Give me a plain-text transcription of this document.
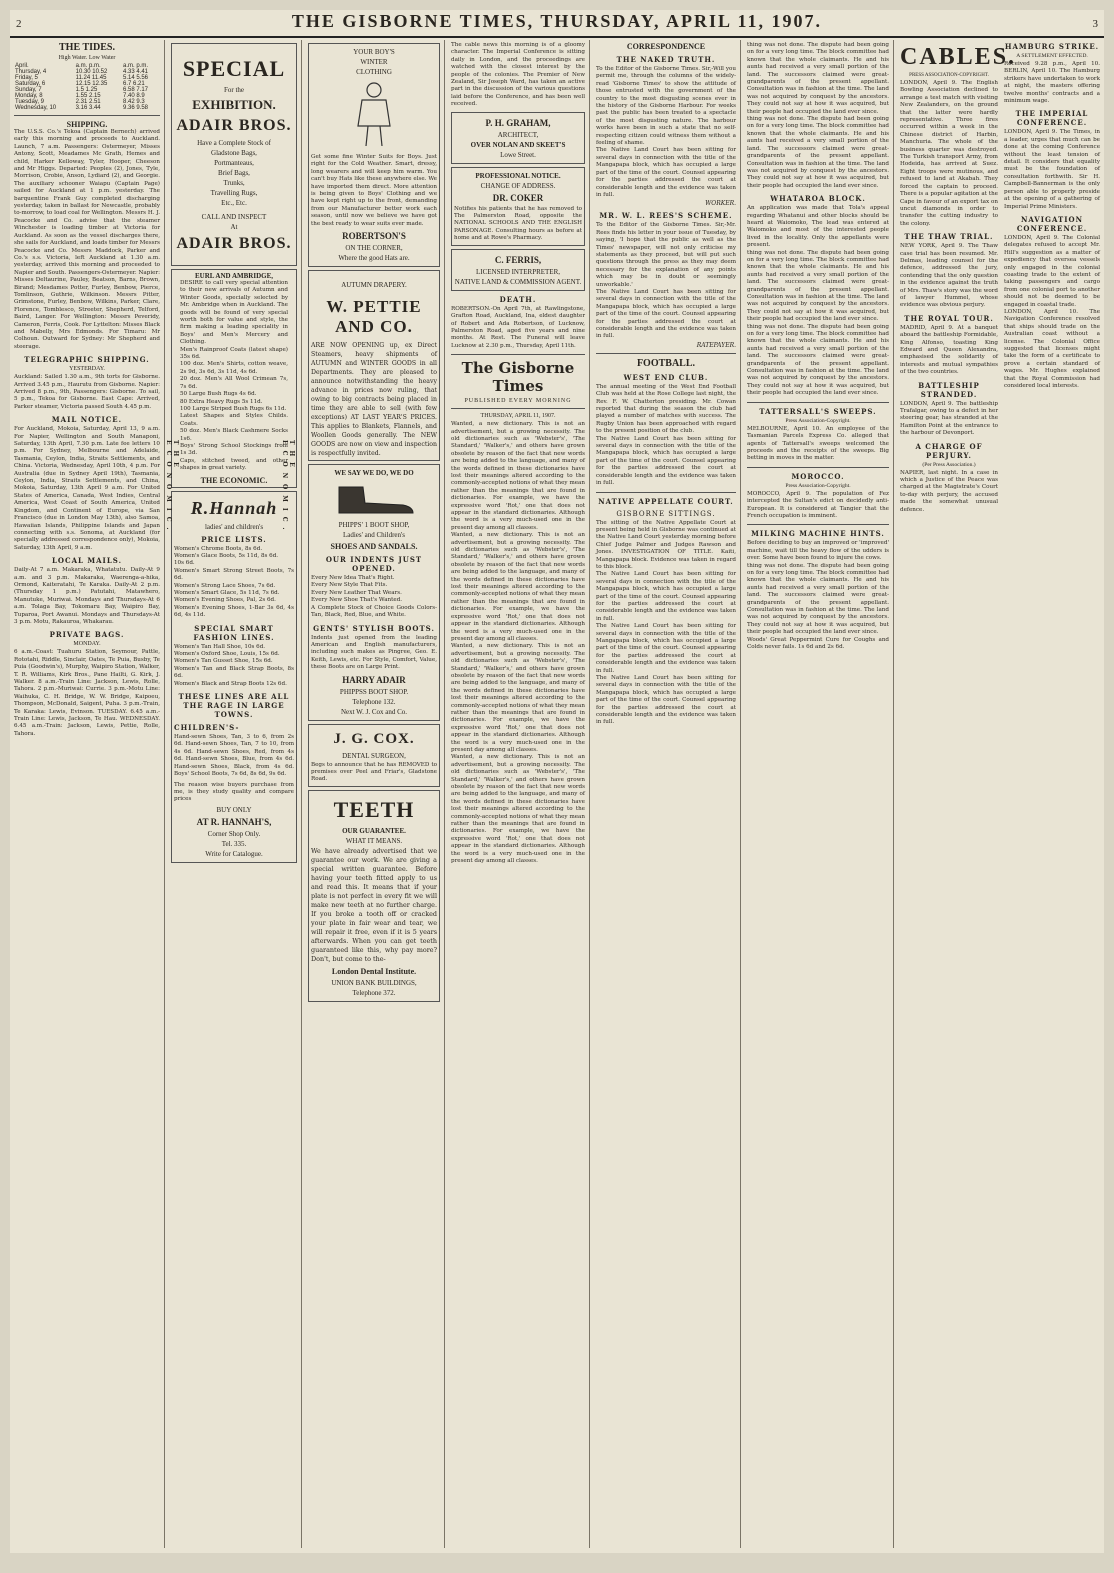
2	THE GISBORNE TIMES, THURSDAY, APRIL 11, 1907.	3
THE TIDES.
High Water. Low Water
April.	a.m. p.m.	a.m. p.m.
Thursday, 4	10.30 10.52	4.33 4.41
Friday, 5	11.24 11.45	5.14 5.56
Saturday, 6	12.15 12.35	6.7 6.21
Sunday, 7	1.5 1.25	6.58 7.17
Monday, 8	1.55 2.15	7.40 8.9
Tuesday, 9	2.31 2.51	8.42 9.3
Wednesday, 10	3.16 3.44	9.36 9.58
SHIPPING.
The U.S.S. Co.'s Tekoa (Captain Bernech) arrived early this morning and proceeds to Auckland. Launch, 7 a.m. Passengers: Ostermeyer, Misses Antony, Scott, Meadames Mc Grath, Hemes and child, Harker Kelloway, Tyler, Hooper, Cheeson and Mr Higgs. Departed: Peoples (2), Jones, Tyle, Morrison, Crobie, Anson, Lydiard (2), and Georgie. The auxiliary schooner Waiapu (Captain Page) sailed for Auckland at 1 p.m. yesterday. The barquentine Frank Guy completed discharging yesterday, taken in ballast for Newcastle, probably to-morrow, to load coal for Wellington. Messrs H. J. Peacocke and Co. advise that the steamer Winchester is loading timber at Victoria for Auckland. As soon as the vessel discharges there, she sails for Auckland, and loads timber for Messrs Peacocke and Co. Messrs Maddock, Parker and Co.'s s.s. Victoria, left Auckland at 1.30 a.m. yesterday, arrived this morning and proceeded to Napier and South. Passengers-Ostermeyer. Napier: Misses Deltaurine, Pauley, Beatson, Barns, Brown, Birand; Mesdames Potter, Furley, Benbow, Pierce, Tomlinson, Guthrie, Wilkinson. Messrs Pitter, Grimstone, Furley, Benbow, Wilkins, Parker, Clare, Florence, Tomblesco, Streeter, Shepherd, Telford, Baird, Langer. For Wellington: Messrs Peveridy, Cameron, Ferris, Cook. For Lyttelton: Misses Black and Mabelly, Mrs Edmonds. For Timaru: Mr Colhoun. Outward for Sydney: Mr Shepherd and steerage.
TELEGRAPHIC SHIPPING.
YESTERDAY.
Auckland: Sailed 1.30 a.m., 9th torts for Gisborne. Arrived 3.45 p.m., Haurutu from Gisborne. Napier: Arrived 8 p.m., 9th, Passengers: Gisborne. To sail, 5 p.m., Tekoa for Gisborne. East Cape: Arrived, Parker steamer, Victoria passed South 4.45 p.m.
MAIL NOTICE.
For Auckland, Mokoia, Saturday, April 13, 9 a.m. For Napier, Wellington and South Manaponi, Saturday, 13th April, 7.30 p.m. Late fee letters 10 p.m. For Sydney, Melbourne and Adelaide, Tasmania, Ceylon, India, Straits Settlements, and China. Victoria, Wednesday, April 10th, 4 p.m. For Australia (due in Sydney April 19th), Tasmania, Ceylon, India, Straits Settlements, and China, Mokoia, Saturday, 13th April 9 a.m. For United States of America, Canada, West Indies, Central America, West Coast of South America, United Kingdom, and Continent of Europe, via San Francisco (due in London May 13th), also Samoa, Hawaiian Islands, Philippine Islands and Japan connecting with s.s. Sonoma, at Auckland (for specially addressed correspondence only), Mokoia, Saturday, 13th April, 9 a.m.
LOCAL MAILS.
Daily-At 7 a.m. Makaraka, Whatatutu. Daily-At 9 a.m. and 3 p.m. Makaraka, Waerenga-a-hika, Ormond, Kaiteratahi, Te Karaka. Daily-At 2 p.m. (Thursday 1 p.m.) Patutahi, Matawhero, Manutuke, Muriwai. Mondays and Thursdays-At 6 a.m. Tolaga Bay, Tokomaru Bay, Waipiro Bay, Tuparoa, Port Awanui. Mondays and Thursdays-At 3 p.m. Motu, Rakauroa, Whakarau.
PRIVATE BAGS.
MONDAY.
6 a.m.-Coast: Tuahuru Station, Seymour, Pattle, Rototahi, Riddle, Sinclair, Oates, Te Puia, Busby, Te Puia (Goodwin's), Murphy, Waipiro Station, Walker, T. R. Williams, Kirk Bros., Pane Hailti, G. Kirk, J. Walker. 8 a.m.-Train Line: Jackson, Lewis, Rolle, Tahora. 2 p.m.-Muriwai: Currie. 3 p.m.-Motu Line: Waihuka, C. H. Bridge, W. W. Bridge, Kaipoeu, Thompson, McDonald, Saigent, Puha. 3 p.m.-Train, Te Karaka: Lewis, Evinson. TUESDAY. 6.45 a.m.-Train Line: Lewis, Jackson, Te Hau. WEDNESDAY. 6.45 a.m.-Train: Jackson, Lewis, Pettie, Rolle, Tahora.
SPECIAL
For the
EXHIBITION.
ADAIR BROS.
Have a Complete Stock of
Gladstone Bags,
Portmanteaus,
Brief Bags,
Trunks,
Travelling Rugs,
Etc., Etc.
CALL AND INSPECT
At
ADAIR BROS.
THE ECONOMIC.	THE ECONOMIC.
EURL AND AMBRIDGE,
DESIRE to call very special attention to their new arrivals of Autumn and Winter Goods, specially selected by Mr. Ambridge when in Auckland. The goods will be found of very special worth both for value and style, the firm making a leading speciality in Boys' and Men's Mercery and Clothing.
Men's Rainproof Coats (latest shape) 35s 6d.
100 doz. Men's Shirts, cotton weave, 2s 9d, 3s 6d, 3s 11d, 4s 6d.
20 doz. Men's All Wool Crimean 7s, 7s 6d.
50 Large Bush Rugs 4s 6d.
80 Extra Heavy Rugs 5s 11d.
100 Large Striped Bush Rugs 6s 11d.
Latest Shapes and Styles Childs. Coats.
50 doz. Men's Black Cashmere Socks 1s6.
Boys' Strong School Stockings from 1s 3d.
Caps, stitched tweed, and other shapes in great variety.
THE ECONOMIC.
R.Hannah
ladies' and children's
PRICE LISTS.
Women's Chrome Boots, 8s 6d.
Women's Glace Boots, 5s 11d, 8s 6d.
10s 6d.
Women's Smart Strong Street Boots, 7s 6d.
Women's Strong Lace Shoes, 7s 6d.
Women's Smart Glace, 5s 11d, 7s 6d.
Women's Evening Shoes, Pal, 2s 6d.
Women's Evening Shoes, 1-Bar 3s 6d, 4s 6d, 4s 11d.
SPECIAL SMART FASHION LINES.
Women's Tan Hall Shoe, 10s 6d.
Women's Oxford Shoe, Louis, 15s 6d.
Women's Tan Gusset Shoe, 15s 6d.
Women's Tan and Black Strap Boots, 8s 6d.
Women's Black and Strap Boots 12s 6d.
THESE LINES ARE ALL THE RAGE IN LARGE TOWNS.
CHILDREN'S-
Hand-sewn Shoes, Tan, 3 to 6, from 2s 6d. Hand-sewn Shoes, Tan, 7 to 10, from 4s 6d. Hand-sewn Shoes, Red, from 4s 6d. Hand-sewn Shoes, Blue, from 4s 6d. Hand-sewn Shoes, Black, from 4s 6d. Boys' School Boots, 7s 6d, 8s 6d, 9s 6d.
The reason wise buyers purchase from me, is they study quality and compare prices
BUY ONLY
AT R. HANNAH'S,
Corner Shop Only.
Tel. 335.
Write for Catalogue.
YOUR BOY'S
WINTER
CLOTHING
Get some fine Winter Suits for Boys. Just right for the Cold Weather. Smart, dressy, long wearers and will keep him warm. You can't buy Hats like these anywhere else. We have imported them direct. More attention is being given to Boys' Clothing and we have kept right up to the front, demanding from our Manufacturer better work each season, until now we believe we have got the best ready to wear suits ever made.
ROBERTSON'S
ON THE CORNER,
Where the good Hats are.
AUTUMN DRAPERY.
W. PETTIE AND CO.
ARE NOW OPENING up, ex Direct Steamers, heavy shipments of AUTUMN and WINTER GOODS in all Departments. They are pleased to announce notwithstanding the heavy advance in prices now ruling, that owing to big contracts being placed in time they are able to sell (with few exceptions) AT LAST YEAR'S PRICES. This applies to Blankets, Flannels, and Woollen Goods generally. The NEW GOODS are now on view and inspection is respectfully invited.
WE SAY WE DO, WE DO
PHIPPS' 1 BOOT SHOP,
Ladies' and Children's
SHOES AND SANDALS.
OUR INDENTS JUST OPENED.
Every New Idea That's Right.
Every New Style That Fits.
Every New Leather That Wears.
Every New Shoe That's Wanted.
A Complete Stock of Choice Goods Colors-Tan, Black, Red, Blue, and White.
GENTS' STYLISH BOOTS.
Indents just opened from the leading American and English manufacturers, including such makes as Pingree, Geo. E. Keith, Lewis, etc. For Style, Comfort, Value, these Boots are on Large Print.
HARRY ADAIR
PHIPPSS BOOT SHOP.
Telephone 132.
Next W. J. Cox and Co.
J. G. COX.
DENTAL SURGEON,
Begs to announce that he has REMOVED to premises over Peel and Friar's, Gladstone Road.
TEETH
OUR GUARANTEE.
WHAT IT MEANS.
We have already advertised that we guarantee our work. We are giving a special written guarantee. Before having your teeth fitted apply to us and read this. It means that if your plate is not perfect in every fit we will make new teeth at no further charge. If you broke a tooth off or cracked your plate in fair wear and tear, we will repair it free, even if it is 5 years afterwards. When you can get teeth guaranteed like this, why pay more? Don't, but come to the-
London Dental Institute.
UNION BANK BUILDINGS,
Telephone 372.
The cable news this morning is of a gloomy character. The Imperial Conference is sitting daily in London, and the proceedings are watched with the closest interest by the people of the colonies. The Premier of New Zealand, Sir Joseph Ward, has taken an active part in the discussion of the various questions laid before the Conference, and has been well received.
P. H. GRAHAM,
ARCHITECT,
OVER NOLAN AND SKEET'S
Lowe Street.
PROFESSIONAL NOTICE.
CHANGE OF ADDRESS.
DR. COKER
Notifies his patients that he has removed to The Palmerston Road, opposite the NATIONAL SCHOOLS AND THE ENGLISH PARSONAGE. Consulting hours as before at home and at Rowe's Pharmacy.
C. FERRIS,
LICENSED INTERPRETER,
NATIVE LAND & COMMISSION AGENT.
DEATH.
ROBERTSON.-On April 7th, at Rawlingstone, Grafton Road, Auckland, Ina, eldest daughter of Robert and Ada Robertson, of Lucknow, Palmerston Road, aged five years and nine months. At Rest. The Funeral will leave Lucknow at 2.30 p.m., Thursday, April 11th.
The Gisborne Times
PUBLISHED EVERY MORNING
THURSDAY, APRIL 11, 1907.
Wanted, a new dictionary. This is not an advertisement, but a growing necessity. The old dictionaries such as 'Webster's', 'The Standard,' 'Walker's,' and others have grown obsolete by reason of the fact that new words are being added to the language, and many of the words defined in these dictionaries have lost their meanings altered according to the commonly-accepted notions of what they mean rather than the meanings that are found in dictionaries. For example, we have the expressive word 'Rot,' one that does not appear in the standard dictionaries. Although the word is a very much-used one in the present day among all classes.
Wanted, a new dictionary. This is not an advertisement, but a growing necessity. The old dictionaries such as 'Webster's', 'The Standard,' 'Walker's,' and others have grown obsolete by reason of the fact that new words are being added to the language, and many of the words defined in these dictionaries have lost their meanings altered according to the commonly-accepted notions of what they mean rather than the meanings that are found in dictionaries. For example, we have the expressive word 'Rot,' one that does not appear in the standard dictionaries. Although the word is a very much-used one in the present day among all classes.
Wanted, a new dictionary. This is not an advertisement, but a growing necessity. The old dictionaries such as 'Webster's', 'The Standard,' 'Walker's,' and others have grown obsolete by reason of the fact that new words are being added to the language, and many of the words defined in these dictionaries have lost their meanings altered according to the commonly-accepted notions of what they mean rather than the meanings that are found in dictionaries. For example, we have the expressive word 'Rot,' one that does not appear in the standard dictionaries. Although the word is a very much-used one in the present day among all classes.
Wanted, a new dictionary. This is not an advertisement, but a growing necessity. The old dictionaries such as 'Webster's', 'The Standard,' 'Walker's,' and others have grown obsolete by reason of the fact that new words are being added to the language, and many of the words defined in these dictionaries have lost their meanings altered according to the commonly-accepted notions of what they mean rather than the meanings that are found in dictionaries. For example, we have the expressive word 'Rot,' one that does not appear in the standard dictionaries. Although the word is a very much-used one in the present day among all classes.
CORRESPONDENCE
THE NAKED TRUTH.
To the Editor of the Gisborne Times. Sir,-Will you permit me, through the columns of the widely-read 'Gisborne Times' to show the attitude of those entrusted with the government of the country to the most disgusting scenes ever in the history of the Gisborne Harbour. For weeks past the public has been treated to a spectacle of the most disgusting nature. The harbour works have been in such a state that no self-respecting citizen could witness them without a feeling of shame.
The Native Land Court has been sitting for several days in connection with the title of the Mangapapa block, which has occupied a large part of the time of the court. Counsel appearing for the parties addressed the court at considerable length and the evidence was taken in full.
WORKER.
MR. W. L. REES'S SCHEME.
To the Editor of the Gisborne Times. Sir,-Mr. Rees finds his letter in your issue of Tuesday, by saying, 'I hope that the public as well as the Times' newspaper, will not only criticise my statements as they proceed, but will put such questions through the press as they may deem necessary for the explanation of any points which may be in doubt or seemingly unworkable.'
The Native Land Court has been sitting for several days in connection with the title of the Mangapapa block, which has occupied a large part of the time of the court. Counsel appearing for the parties addressed the court at considerable length and the evidence was taken in full.
RATEPAYER.
FOOTBALL.
WEST END CLUB.
The annual meeting of the West End Football Club was held at the Rose College last night, the Rev. F. W. Chatterton presiding. Mr. Cowan reported that during the season the club had played a number of matches with success. The Rugby Union has been approached with regard to the present position of the club.
The Native Land Court has been sitting for several days in connection with the title of the Mangapapa block, which has occupied a large part of the time of the court. Counsel appearing for the parties addressed the court at considerable length and the evidence was taken in full.
NATIVE APPELLATE COURT.
GISBORNE SITTINGS.
The sitting of the Native Appellate Court at present being held in Gisborne was continued at the Native Land Court yesterday morning before Chief Judge Palmer and Judges Rawson and Jones. INVESTIGATION OF TITLE. Kaiti, Mangapapa block. Evidence was taken in regard to this block.
The Native Land Court has been sitting for several days in connection with the title of the Mangapapa block, which has occupied a large part of the time of the court. Counsel appearing for the parties addressed the court at considerable length and the evidence was taken in full.
The Native Land Court has been sitting for several days in connection with the title of the Mangapapa block, which has occupied a large part of the time of the court. Counsel appearing for the parties addressed the court at considerable length and the evidence was taken in full.
The Native Land Court has been sitting for several days in connection with the title of the Mangapapa block, which has occupied a large part of the time of the court. Counsel appearing for the parties addressed the court at considerable length and the evidence was taken in full.
thing was not done. The dispute had been going on for a very long time. The block committee had known that the whole claimants. He and his aunts had received a very small portion of the land. The successors claimed were great-grandparents of the present appellant. Consultation was in fashion at the time. The land was not acquired by conquest by the ancestors. They could not say at how it was acquired, but their people had occupied the land ever since.
thing was not done. The dispute had been going on for a very long time. The block committee had known that the whole claimants. He and his aunts had received a very small portion of the land. The successors claimed were great-grandparents of the present appellant. Consultation was in fashion at the time. The land was not acquired by conquest by the ancestors. They could not say at how it was acquired, but their people had occupied the land ever since.
WHATAROA BLOCK.
An application was made that Tola's appeal regarding Whatanui and other blocks should be heard at Waiomoko, The lead was entered at Waiomoko and most of the interested people lived in the locality. Only the appellants were present.
thing was not done. The dispute had been going on for a very long time. The block committee had known that the whole claimants. He and his aunts had received a very small portion of the land. The successors claimed were great-grandparents of the present appellant. Consultation was in fashion at the time. The land was not acquired by conquest by the ancestors. They could not say at how it was acquired, but their people had occupied the land ever since.
thing was not done. The dispute had been going on for a very long time. The block committee had known that the whole claimants. He and his aunts had received a very small portion of the land. The successors claimed were great-grandparents of the present appellant. Consultation was in fashion at the time. The land was not acquired by conquest by the ancestors. They could not say at how it was acquired, but their people had occupied the land ever since.
TATTERSALL'S SWEEPS.
Press Association-Copyright.
MELBOURNE, April 10. An employee of the Tasmanian Parcels Express Co. alleged that agents of Tattersall's sweeps welcomed the proceeds and the receipts of the sweeps. Big betting in moves in the matter.
MOROCCO.
Press Association-Copyright.
MOROCCO, April 9. The population of Fez intercepted the Sultan's edict on decidedly anti-European. It is considered at Tangier that the French occupation is imminent.
MILKING MACHINE HINTS.
Before deciding to buy an improved or 'improved' machine, wait till the heavy flow of the udders is over. Some have been found to injure the cows.
thing was not done. The dispute had been going on for a very long time. The block committee had known that the whole claimants. He and his aunts had received a very small portion of the land. The successors claimed were great-grandparents of the present appellant. Consultation was in fashion at the time. The land was not acquired by conquest by the ancestors. They could not say at how it was acquired, but their people had occupied the land ever since.
Woods' Great Peppermint Cure for Coughs and Colds never fails. 1s 6d and 2s 6d.
CABLES.
PRESS ASSOCIATION-COPYRIGHT.
LONDON, April 9. The English Bowling Association declined to arrange a test match with visiting New Zealanders, on the ground that the latter were hardly representative. Three fires occurred within a week in the Chinese district of Harbin, Manchuria. The whole of the business quarter was destroyed. The Turkish transport Army, from Hodeida, has arrived at Suez. Eight troops were mutinous, and refused to land at Akabah. They forced the captain to proceed. There is a popular agitation at the Cape in favour of an export tax on uncut diamonds in order to transfer the cutting industry to the colony.
THE THAW TRIAL.
NEW YORK, April 9. The Thaw case trial has been resumed. Mr. Delmas, leading counsel for the defence, addressed the jury, contending that the only question in the evidence against the truth of Mrs. Thaw's story was the word of lawyer Hummel, whose evidence was obvious perjury.
THE ROYAL TOUR.
MADRID, April 9. At a banquet aboard the battleship Formidable, King Alfonso, toasting King Edward and Queen Alexandra, emphasised the solidarity of interests and mutual sympathies of the two countries.
BATTLESHIP STRANDED.
LONDON, April 9. The battleship Trafalgar, owing to a defect in her steering gear, has stranded at the Hamilton Point at the entrance to the harbour of Devonport.
A CHARGE OF PERJURY.
(Per Press Association.)
NAPIER, last night. In a case in which a Justice of the Peace was charged at the Magistrate's Court to-day with perjury, the accused made the somewhat unusual defence.
HAMBURG STRIKE.
A SETTLEMENT EFFECTED.
Received 9.28 p.m., April 10. BERLIN, April 10. The Hamburg strikers have undertaken to work at night, the masters offering twelve months' contracts and a minimum wage.
THE IMPERIAL CONFERENCE.
LONDON, April 9. The Times, in a leader, urges that much can be done at the coming Conference without the least tension of detail. It considers that equality must be the foundation of consultation forthwith. Sir H. Campbell-Bannerman is the only person able to properly preside at the opening of a gathering of Imperial Prime Ministers.
NAVIGATION CONFERENCE.
LONDON, April 9. The Colonial delegates refused to accept Mr. Hill's suggestion as a matter of expediency that oversea vessels only engaged in the colonial coasting trade to the extent of taking passengers and cargo from one colonial port to another should not be deemed to be engaged in coastal trade.
LONDON, April 10. The Navigation Conference resolved that ships should trade on the Australian coast without a license. The Colonial Office suggested that licenses might take the form of a certificate to prove a certain standard of wages. Mr. Hughes explained that the Royal Commission had considered local interests.
